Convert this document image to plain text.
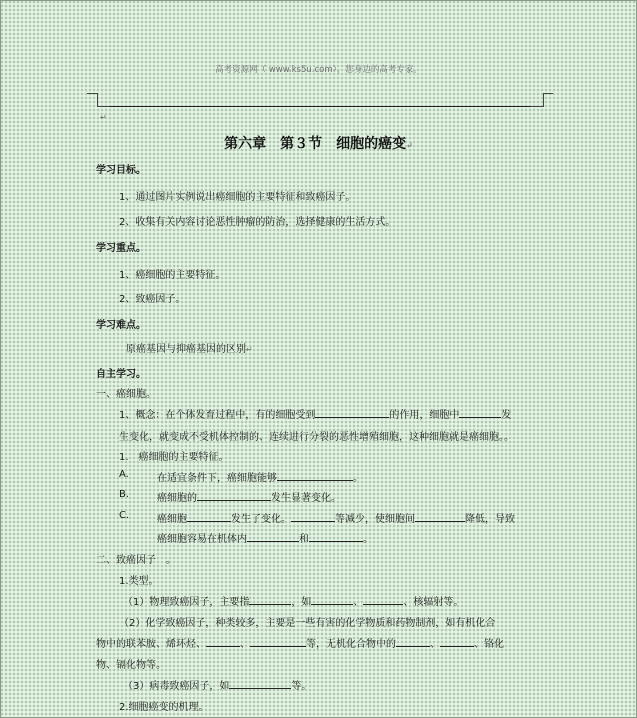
高考资源网（ www.ks5u.com），您身边的高考专家。
↵
第六章　第３节　细胞的癌变↵
学习目标。
1、通过图片实例说出癌细胞的主要特征和致癌因子。
2、收集有关内容讨论恶性肿瘤的防治，选择健康的生活方式。
学习重点。
1、癌细胞的主要特征。
2、致癌因子。
学习难点。
原癌基因与抑癌基因的区别↵
自主学习。
一、癌细胞。
1、概念：在个体发育过程中，有的细胞受到	的作用，细胞中	发
生变化，就变成不受机体控制的、连续进行分裂的恶性增殖细胞，这种细胞就是癌细胞。。
1.　癌细胞的主要特征。
A.	在适宜条件下，癌细胞能够	。
B.	癌细胞的	发生显著变化。
C.	癌细胞	发生了变化。	等减少，使细胞间	降低，导致
癌细胞容易在机体内	和	。
二、致癌因子　。
1.类型。
（1）物理致癌因子，主要指	，如	、	、核辐射等。
（2）化学致癌因子，种类较多，主要是一些有害的化学物质和药物制剂，如有机化合
物中的联苯胺、烯环烃、	、	等，无机化合物中的	、	、铬化
物、镉化物等。
（3）病毒致癌因子，如	等。
2.细胞癌变的机理。
